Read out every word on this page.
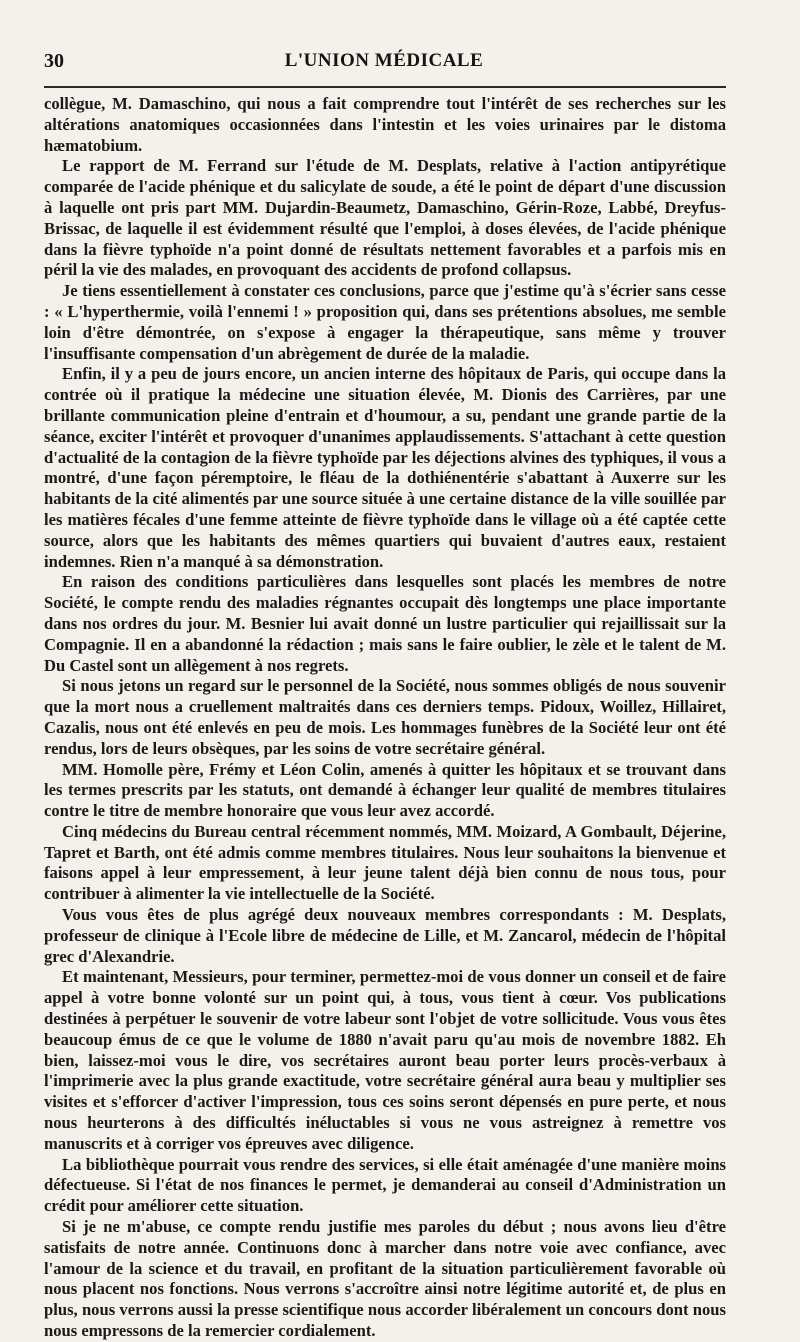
30	L'UNION MÉDICALE

collègue, M. Damaschino, qui nous a fait comprendre tout l'intérêt de ses recherches sur les altérations anatomiques occasionnées dans l'intestin et les voies urinaires par le distoma hæmatobium.

Le rapport de M. Ferrand sur l'étude de M. Desplats, relative à l'action antipyrétique comparée de l'acide phénique et du salicylate de soude, a été le point de départ d'une discussion à laquelle ont pris part MM. Dujardin-Beaumetz, Damaschino, Gérin-Roze, Labbé, Dreyfus-Brissac, de laquelle il est évidemment résulté que l'emploi, à doses élevées, de l'acide phénique dans la fièvre typhoïde n'a point donné de résultats nettement favorables et a parfois mis en péril la vie des malades, en provoquant des accidents de profond collapsus.

Je tiens essentiellement à constater ces conclusions, parce que j'estime qu'à s'écrier sans cesse : « L'hyperthermie, voilà l'ennemi ! » proposition qui, dans ses prétentions absolues, me semble loin d'être démontrée, on s'expose à engager la thérapeutique, sans même y trouver l'insuffisante compensation d'un abrègement de durée de la maladie.

Enfin, il y a peu de jours encore, un ancien interne des hôpitaux de Paris, qui occupe dans la contrée où il pratique la médecine une situation élevée, M. Dionis des Carrières, par une brillante communication pleine d'entrain et d'houmour, a su, pendant une grande partie de la séance, exciter l'intérêt et provoquer d'unanimes applaudissements. S'attachant à cette question d'actualité de la contagion de la fièvre typhoïde par les déjections alvines des typhiques, il vous a montré, d'une façon péremptoire, le fléau de la dothiénentérie s'abattant à Auxerre sur les habitants de la cité alimentés par une source située à une certaine distance de la ville souillée par les matières fécales d'une femme atteinte de fièvre typhoïde dans le village où a été captée cette source, alors que les habitants des mêmes quartiers qui buvaient d'autres eaux, restaient indemnes. Rien n'a manqué à sa démonstration.

En raison des conditions particulières dans lesquelles sont placés les membres de notre Société, le compte rendu des maladies régnantes occupait dès longtemps une place importante dans nos ordres du jour. M. Besnier lui avait donné un lustre particulier qui rejaillissait sur la Compagnie. Il en a abandonné la rédaction ; mais sans le faire oublier, le zèle et le talent de M. Du Castel sont un allègement à nos regrets.

Si nous jetons un regard sur le personnel de la Société, nous sommes obligés de nous souvenir que la mort nous a cruellement maltraités dans ces derniers temps. Pidoux, Woillez, Hillairet, Cazalis, nous ont été enlevés en peu de mois. Les hommages funèbres de la Société leur ont été rendus, lors de leurs obsèques, par les soins de votre secrétaire général.

MM. Homolle père, Frémy et Léon Colin, amenés à quitter les hôpitaux et se trouvant dans les termes prescrits par les statuts, ont demandé à échanger leur qualité de membres titulaires contre le titre de membre honoraire que vous leur avez accordé.

Cinq médecins du Bureau central récemment nommés, MM. Moizard, A Gombault, Déjerine, Tapret et Barth, ont été admis comme membres titulaires. Nous leur souhaitons la bienvenue et faisons appel à leur empressement, à leur jeune talent déjà bien connu de nous tous, pour contribuer à alimenter la vie intellectuelle de la Société.

Vous vous êtes de plus agrégé deux nouveaux membres correspondants : M. Desplats, professeur de clinique à l'Ecole libre de médecine de Lille, et M. Zancarol, médecin de l'hôpital grec d'Alexandrie.

Et maintenant, Messieurs, pour terminer, permettez-moi de vous donner un conseil et de faire appel à votre bonne volonté sur un point qui, à tous, vous tient à cœur. Vos publications destinées à perpétuer le souvenir de votre labeur sont l'objet de votre sollicitude. Vous vous êtes beaucoup émus de ce que le volume de 1880 n'avait paru qu'au mois de novembre 1882. Eh bien, laissez-moi vous le dire, vos secrétaires auront beau porter leurs procès-verbaux à l'imprimerie avec la plus grande exactitude, votre secrétaire général aura beau y multiplier ses visites et s'efforcer d'activer l'impression, tous ces soins seront dépensés en pure perte, et nous nous heurterons à des difficultés inéluctables si vous ne vous astreignez à remettre vos manuscrits et à corriger vos épreuves avec diligence.

La bibliothèque pourrait vous rendre des services, si elle était aménagée d'une manière moins défectueuse. Si l'état de nos finances le permet, je demanderai au conseil d'Administration un crédit pour améliorer cette situation.

Si je ne m'abuse, ce compte rendu justifie mes paroles du début ; nous avons lieu d'être satisfaits de notre année. Continuons donc à marcher dans notre voie avec confiance, avec l'amour de la science et du travail, en profitant de la situation particulièrement favorable où nous placent nos fonctions. Nous verrons s'accroître ainsi notre légitime autorité et, de plus en plus, nous verrons aussi la presse scientifique nous accorder libéralement un concours dont nous nous empressons de la remercier cordialement.
